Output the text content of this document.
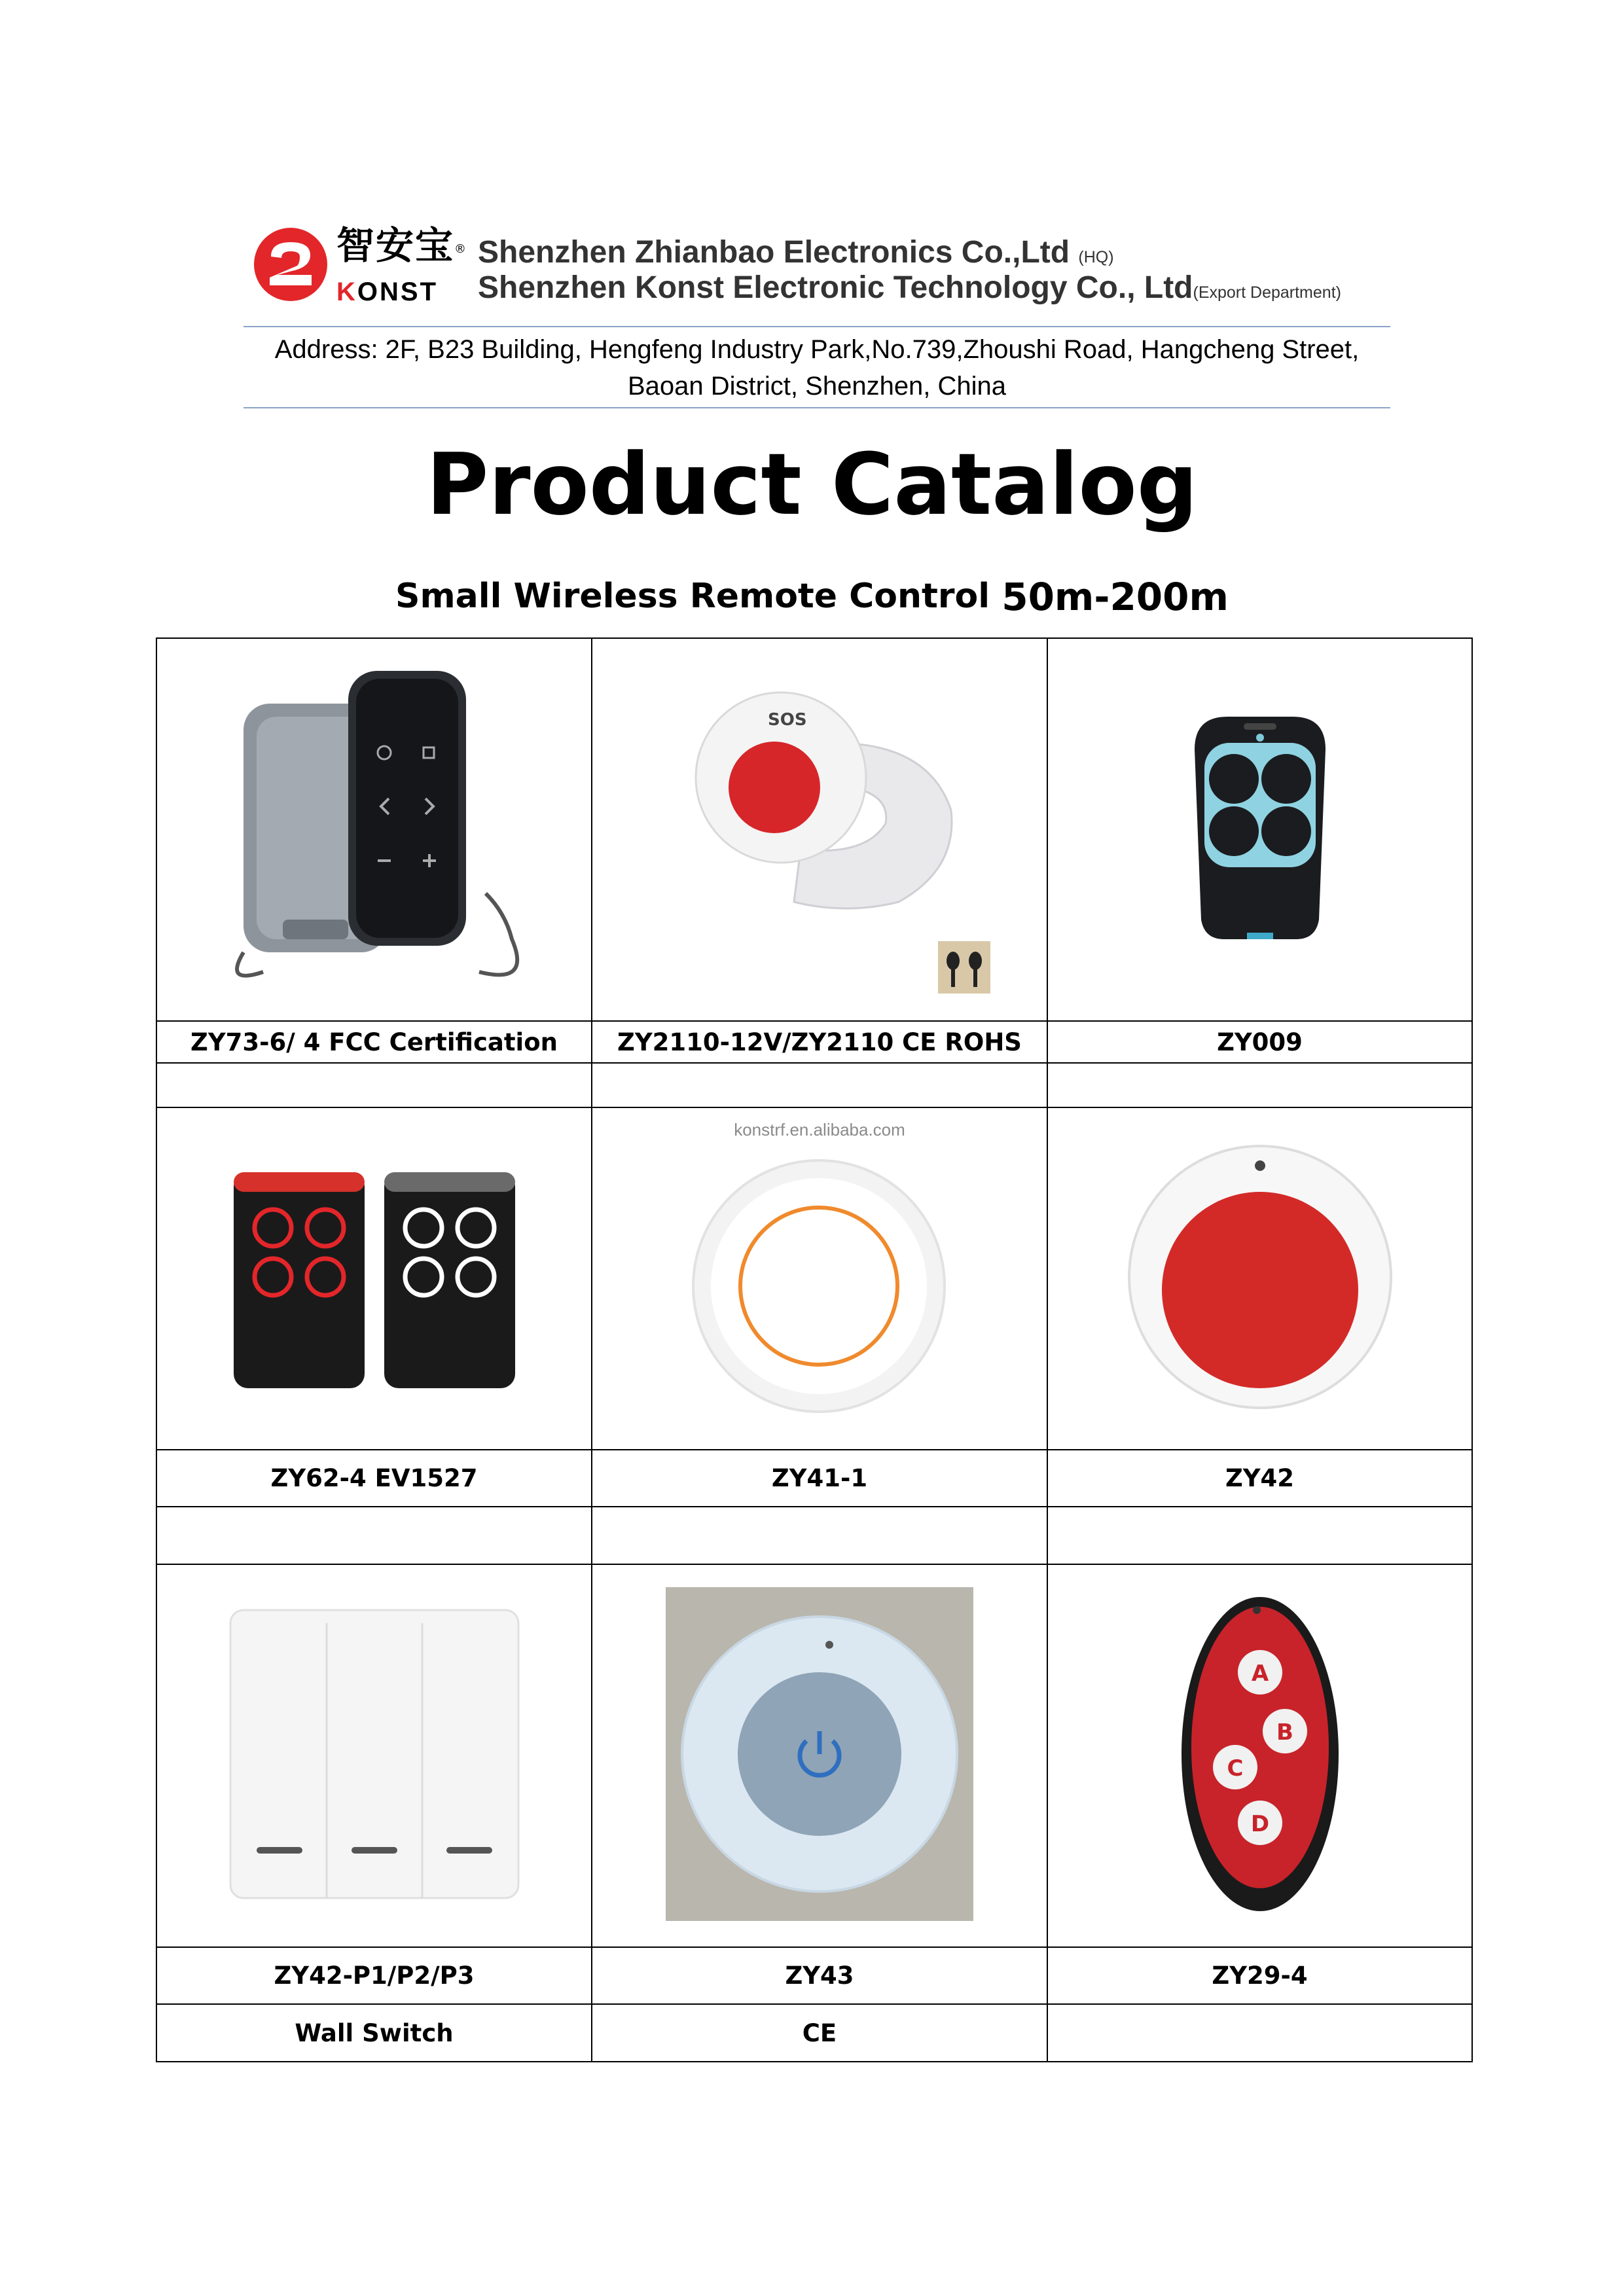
智安宝®
KONST
Shenzhen Zhianbao Electronics Co.,Ltd (HQ)
Shenzhen Konst Electronic Technology Co., Ltd(Export Department)
Address: 2F, B23 Building, Hengfeng Industry Park,No.739,Zhoushi Road, Hangcheng Street,
Baoan District, Shenzhen, China
Product Catalog
Small Wireless Remote Control 50m-200m

SOS

ZY73-6/ 4 FCC Certification	ZY2110-12V/ZY2110 CE ROHS	ZY009

konstrf.en.alibaba.com

ZY62-4 EV1527	ZY41-1	ZY42

A
B
C
D

ZY42-P1/P2/P3	ZY43	ZY29-4
Wall Switch	CE	
